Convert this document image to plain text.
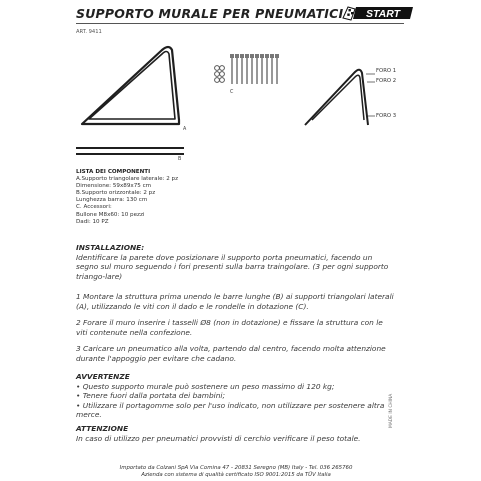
SUPPORTO MURALE PER PNEUMATICI START
ART. 9411
A
B
C
FORO 1
FORO 2
FORO 3
LISTA DEI COMPONENTI
A.Supporto triangolare laterale: 2 pz
Dimensione: 59x89x75 cm
B.Supporto orizzontale: 2 pz
Lunghezza barra: 130 cm
C. Accessori:
Bullone M8x60: 10 pezzi
Dadi: 10 PZ

INSTALLAZIONE:

Identificare la parete dove posizionare il supporto porta pneumatici, facendo un segno sul muro seguendo i fori presenti sulla barra traingolare. (3 per ogni supporto triango-lare)

1 Montare la struttura prima unendo le barre lunghe (B) ai supporti triangolari laterali (A), utilizzando le viti con il dado e le rondelle in dotazione (C).
2 Forare il muro inserire i tasselli Ø8 (non in dotazione) e fissare la struttura con le viti contenute nella confezione.
3 Caricare un pneumatico alla volta, partendo dal centro, facendo molta attenzione durante l'appoggio per evitare che cadano.

AVVERTENZE

• Questo supporto murale può sostenere un peso massimo di 120 kg;

• Tenere fuori dalla portata dei bambini;

• Utilizzare il portagomme solo per l'uso indicato, non utilizzare per sostenere altra merce.

ATTENZIONE

In caso di utilizzo per pneumatici provvisti di cerchio verificare il peso totale.

MADE IN CHINA
Importato da Colzani SpA Via Comina 47 - 20831 Seregno (MB) Italy - Tel. 036 265760
Azienda con sistema di qualità certificato ISO 9001:2015 da TÜV Italia
